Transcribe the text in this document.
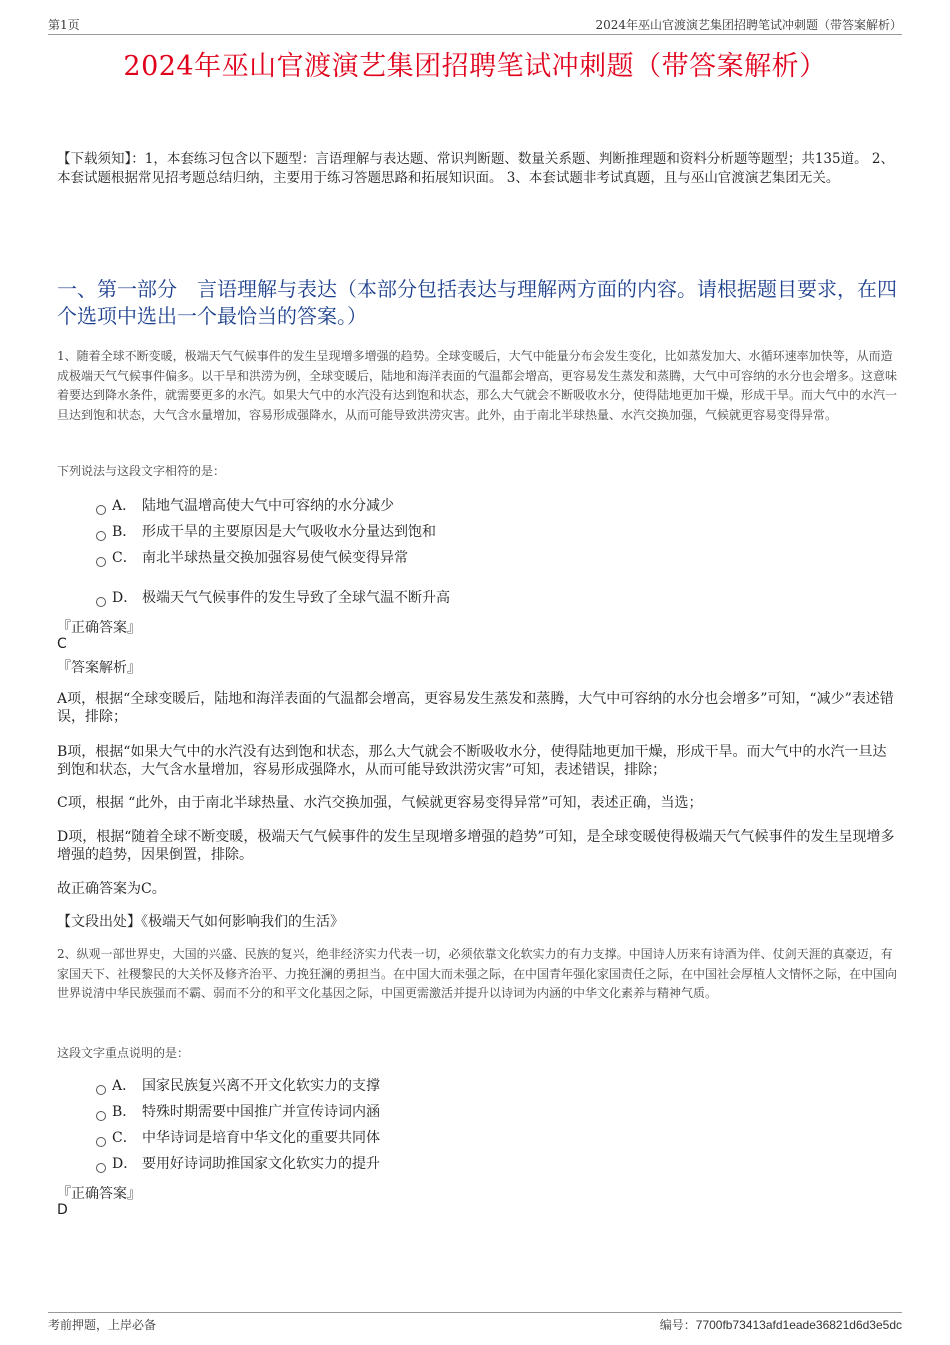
第1页	2024年巫山官渡演艺集团招聘笔试冲刺题（带答案解析）
2024年巫山官渡演艺集团招聘笔试冲刺题（带答案解析）
【下载须知】：1，本套练习包含以下题型：言语理解与表达题、常识判断题、数量关系题、判断推理题和资料分析题等题型；共135道。 2、本套试题根据常见招考题总结归纳，主要用于练习答题思路和拓展知识面。 3、本套试题非考试真题，且与巫山官渡演艺集团无关。
一、第一部分　言语理解与表达（本部分包括表达与理解两方面的内容。请根据题目要求，在四个选项中选出一个最恰当的答案。）
1、随着全球不断变暖，极端天气气候事件的发生呈现增多增强的趋势。全球变暖后，大气中能量分布会发生变化，比如蒸发加大、水循环速率加快等，从而造成极端天气气候事件偏多。以干旱和洪涝为例，全球变暖后，陆地和海洋表面的气温都会增高，更容易发生蒸发和蒸腾，大气中可容纳的水分也会增多。这意味着要达到降水条件，就需要更多的水汽。如果大气中的水汽没有达到饱和状态，那么大气就会不断吸收水分，使得陆地更加干燥，形成干旱。而大气中的水汽一旦达到饱和状态，大气含水量增加，容易形成强降水，从而可能导致洪涝灾害。此外，由于南北半球热量、水汽交换加强，气候就更容易变得异常。
下列说法与这段文字相符的是：
A． 陆地气温增高使大气中可容纳的水分减少
B． 形成干旱的主要原因是大气吸收水分量达到饱和
C． 南北半球热量交换加强容易使气候变得异常
D． 极端天气气候事件的发生导致了全球气温不断升高
『正确答案』
C
『答案解析』
A项，根据“全球变暖后，陆地和海洋表面的气温都会增高，更容易发生蒸发和蒸腾，大气中可容纳的水分也会增多”可知，“减少”表述错误，排除；
B项，根据“如果大气中的水汽没有达到饱和状态，那么大气就会不断吸收水分，使得陆地更加干燥，形成干旱。而大气中的水汽一旦达到饱和状态，大气含水量增加，容易形成强降水，从而可能导致洪涝灾害”可知，表述错误，排除；
C项，根据 “此外，由于南北半球热量、水汽交换加强，气候就更容易变得异常”可知，表述正确，当选；
D项，根据“随着全球不断变暖，极端天气气候事件的发生呈现增多增强的趋势”可知，是全球变暖使得极端天气气候事件的发生呈现增多增强的趋势，因果倒置，排除。
故正确答案为C。
【文段出处】《极端天气如何影响我们的生活》
2、纵观一部世界史，大国的兴盛、民族的复兴，绝非经济实力代表一切，必须依靠文化软实力的有力支撑。中国诗人历来有诗酒为伴、仗剑天涯的真豪迈，有家国天下、社稷黎民的大关怀及修齐治平、力挽狂澜的勇担当。在中国大而未强之际，在中国青年强化家国责任之际，在中国社会厚植人文情怀之际，在中国向世界说清中华民族强而不霸、弱而不分的和平文化基因之际，中国更需激活并提升以诗词为内涵的中华文化素养与精神气质。
这段文字重点说明的是：
A． 国家民族复兴离不开文化软实力的支撑
B． 特殊时期需要中国推广并宣传诗词内涵
C． 中华诗词是培育中华文化的重要共同体
D． 要用好诗词助推国家文化软实力的提升
『正确答案』
D
考前押题，上岸必备	编号：7700fb73413afd1eade36821d6d3e5dc
